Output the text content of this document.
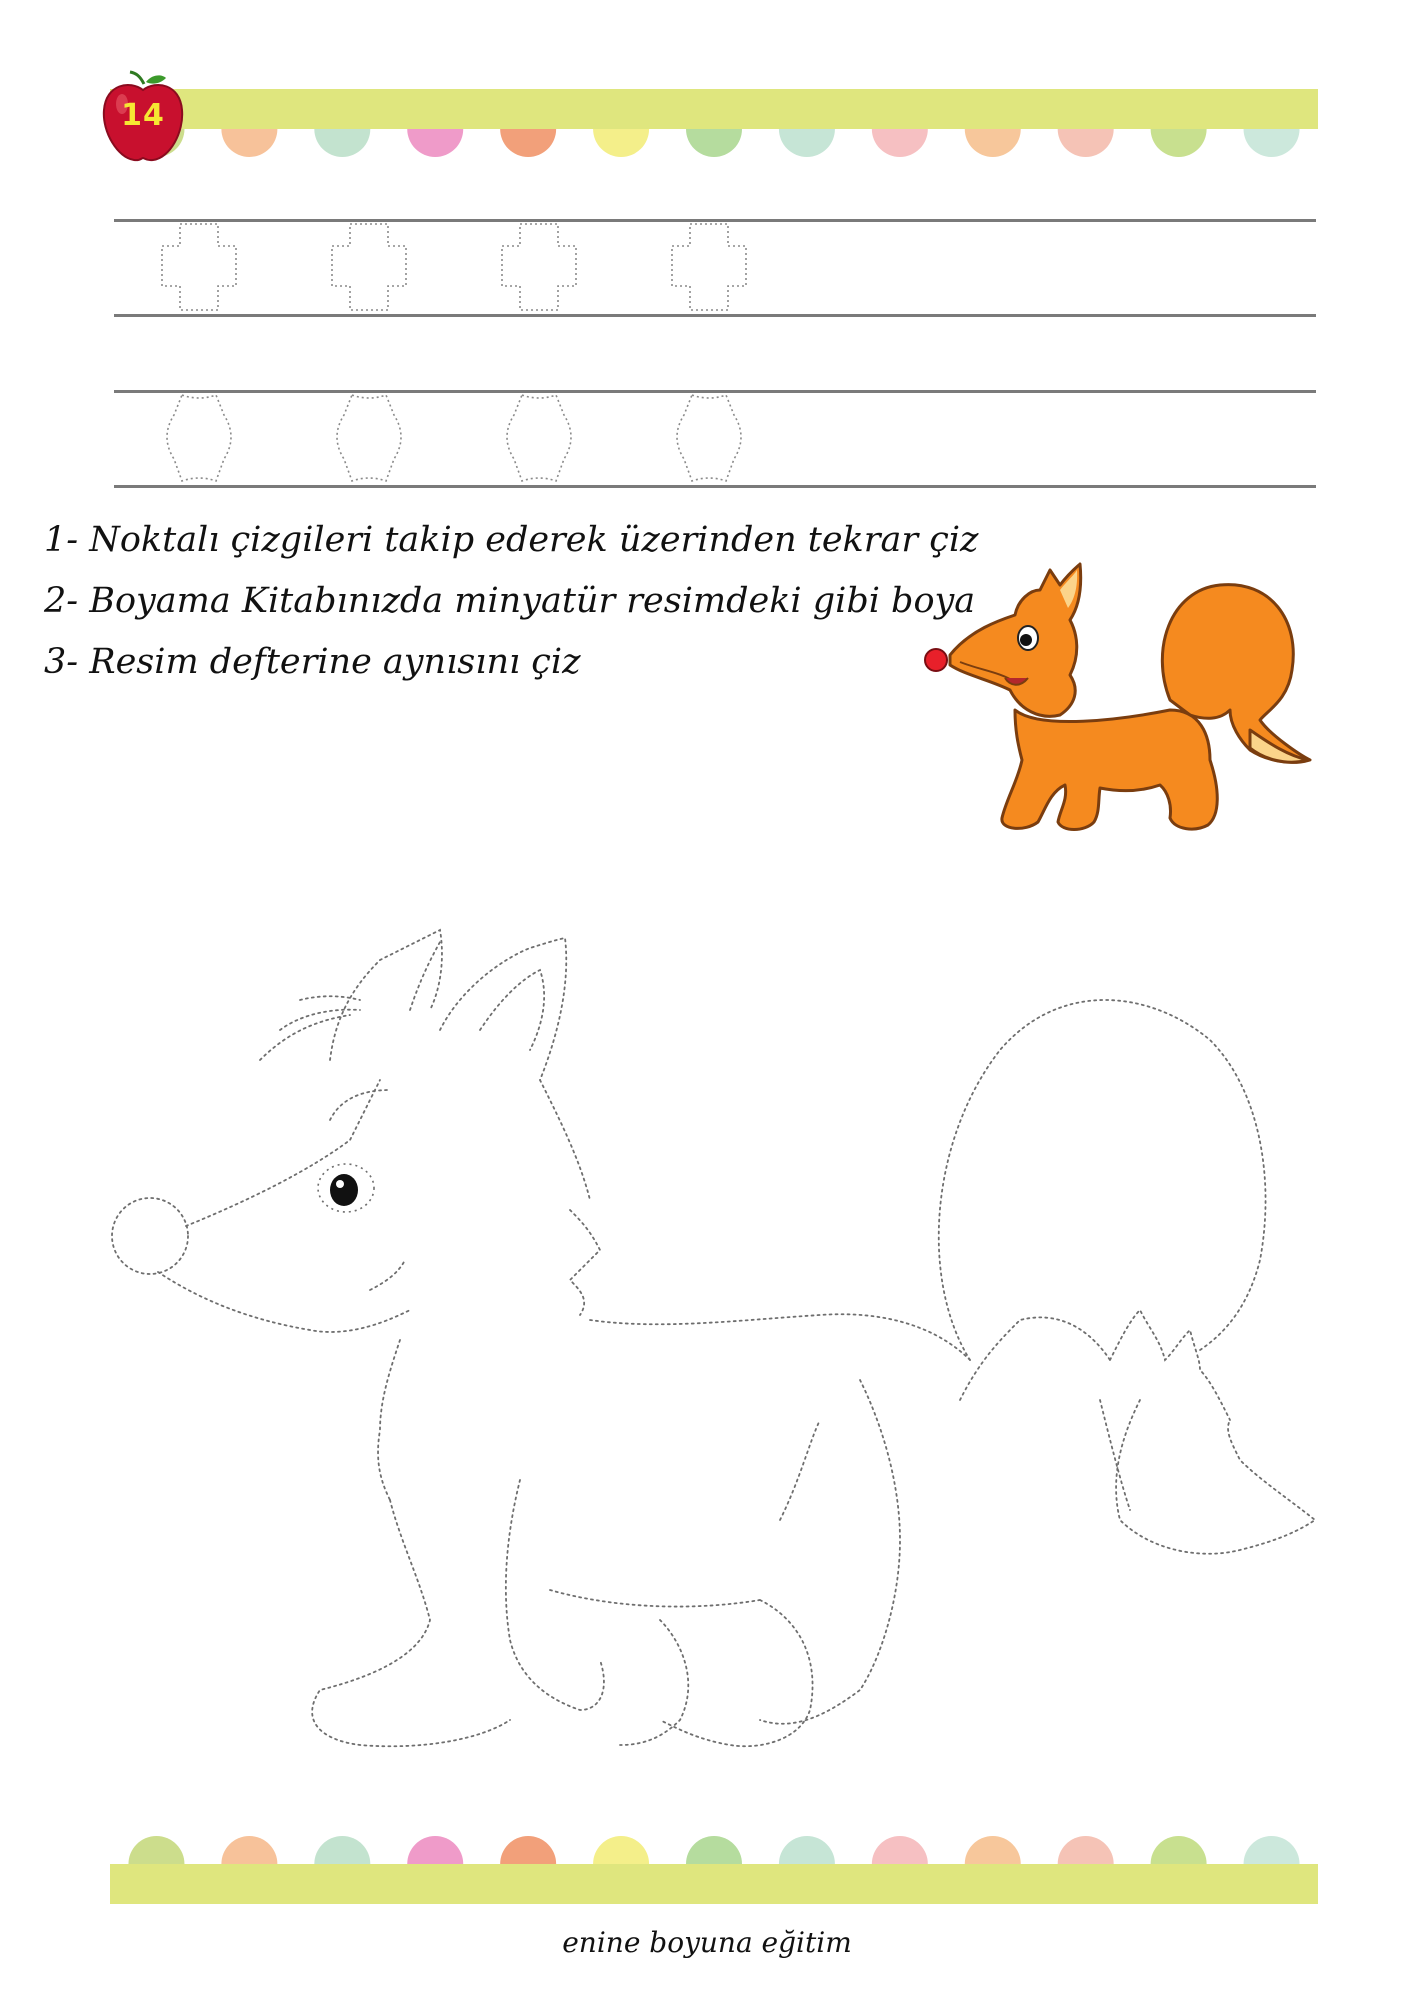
14
1- Noktalı çizgileri takip ederek üzerinden tekrar çiz
2- Boyama Kitabınızda minyatür resimdeki gibi boya
3- Resim defterine aynısını çiz
enine boyuna eğitim
